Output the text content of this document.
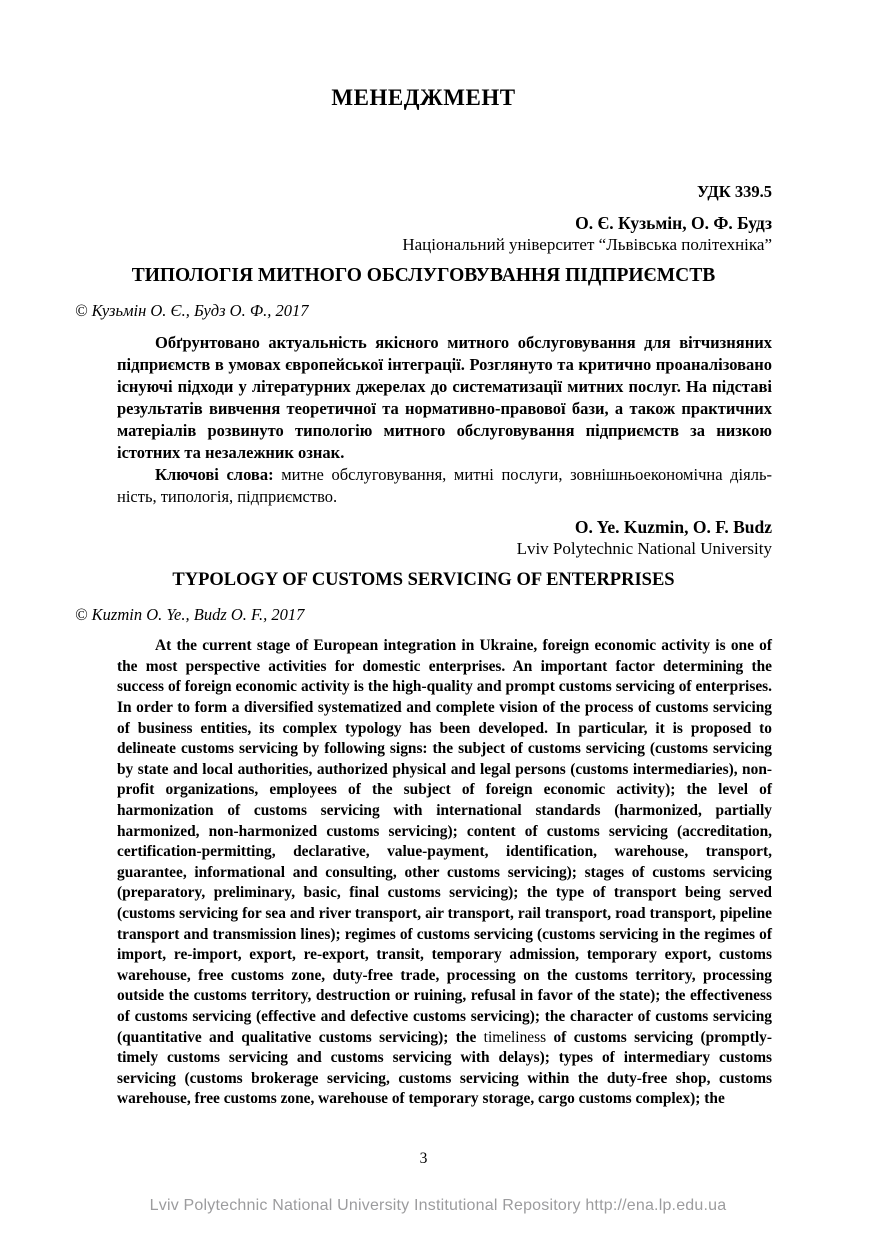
МЕНЕДЖМЕНТ
УДК 339.5
О. Є. Кузьмін, О. Ф. Будз
Національний університет “Львівська політехніка”
ТИПОЛОГІЯ МИТНОГО ОБСЛУГОВУВАННЯ ПІДПРИЄМСТВ
© Кузьмін О. Є., Будз О. Ф., 2017

Обґрунтовано актуальність якісного митного обслуговування для вітчизняних підприємств в умовах європейської інтеграції. Розглянуто та критично проаналізовано існуючі підходи у літературних джерелах до систематизації митних послуг. На підставі результатів вивчення теоретичної та нормативно-правової бази, а також практичних матеріалів розвинуто типологію митного обслуговування підприємств за низкою істотних та незалежник ознак.

Ключові слова: митне обслуговування, митні послуги, зовнішньоекономічна діяльність, типологія, підприємство.

O. Ye. Kuzmin, O. F. Budz
Lviv Polytechnic National University
TYPOLOGY OF CUSTOMS SERVICING OF ENTERPRISES
© Kuzmin O. Ye., Budz O. F., 2017

At the current stage of European integration in Ukraine, foreign economic activity is one of the most perspective activities for domestic enterprises. An important factor determining the success of foreign economic activity is the high-quality and prompt customs servicing of enterprises. In order to form a diversified systematized and complete vision of the process of customs servicing of business entities, its complex typology has been developed. In particular, it is proposed to delineate customs servicing by following signs: the subject of customs servicing (customs servicing by state and local authorities, authorized physical and legal persons (customs intermediaries), non-profit organizations, employees of the subject of foreign economic activity); the level of harmonization of customs servicing with international standards (harmonized, partially harmonized, non-harmonized customs servicing); content of customs servicing (accreditation, certification-permitting, declarative, value-payment, identification, warehouse, transport, guarantee, informational and consulting, other customs servicing); stages of customs servicing (preparatory, preliminary, basic, final customs servicing); the type of transport being served (customs servicing for sea and river transport, air transport, rail transport, road transport, pipeline transport and transmission lines); regimes of customs servicing (customs servicing in the regimes of import, re-import, export, re-export, transit, temporary admission, temporary export, customs warehouse, free customs zone, duty-free trade, processing on the customs territory, processing outside the customs territory, destruction or ruining, refusal in favor of the state); the effectiveness of customs servicing (effective and defective customs servicing); the character of customs servicing (quantitative and qualitative customs servicing); the timeliness of customs servicing (promptly-timely customs servicing and customs servicing with delays); types of intermediary customs servicing (customs brokerage servicing, customs servicing within the duty-free shop, customs warehouse, free customs zone, warehouse of temporary storage, cargo customs complex); the

3
Lviv Polytechnic National University Institutional Repository http://ena.lp.edu.ua
